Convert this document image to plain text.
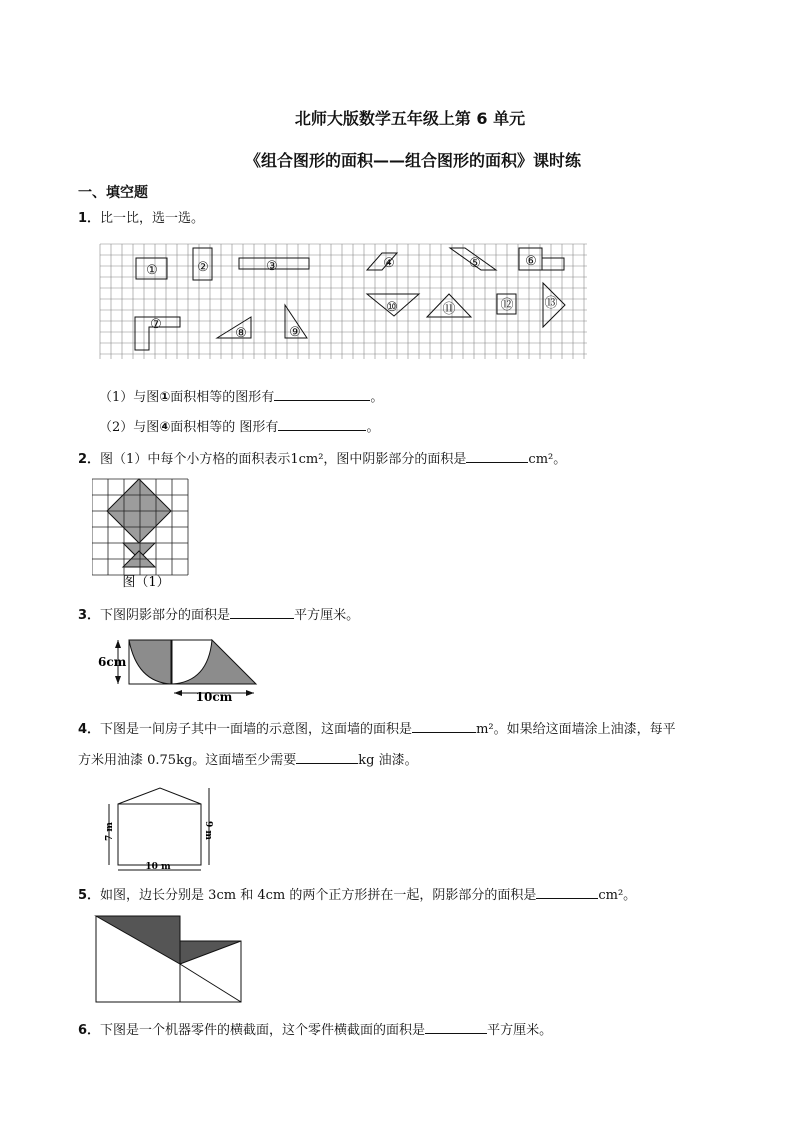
北师大版数学五年级上第 6 单元
《组合图形的面积——组合图形的面积》课时练
一、填空题
1．比一比，选一选。
①	②	③	④	⑤	⑥
⑦
⑧	⑨
⑩	⑪	⑫ ⑬
（1）与图①面积相等的图形有	。
（2）与图④面积相等的 图形有	。
2．图（1）中每个小方格的面积表示1cm²，图中阴影部分的面积是	cm²。
图（1）
3．下图阴影部分的面积是	平方厘米。
6cm
10cm
4．下图是一间房子其中一面墙的示意图，这面墙的面积是	m²。如果给这面墙涂上油漆，每平
方米用油漆 0.75kg。这面墙至少需要	kg 油漆。
7 m	9 m
10 m
5．如图，边长分别是 3cm 和 4cm 的两个正方形拼在一起，阴影部分的面积是	cm²。
6．下图是一个机器零件的横截面，这个零件横截面的面积是	平方厘米。
